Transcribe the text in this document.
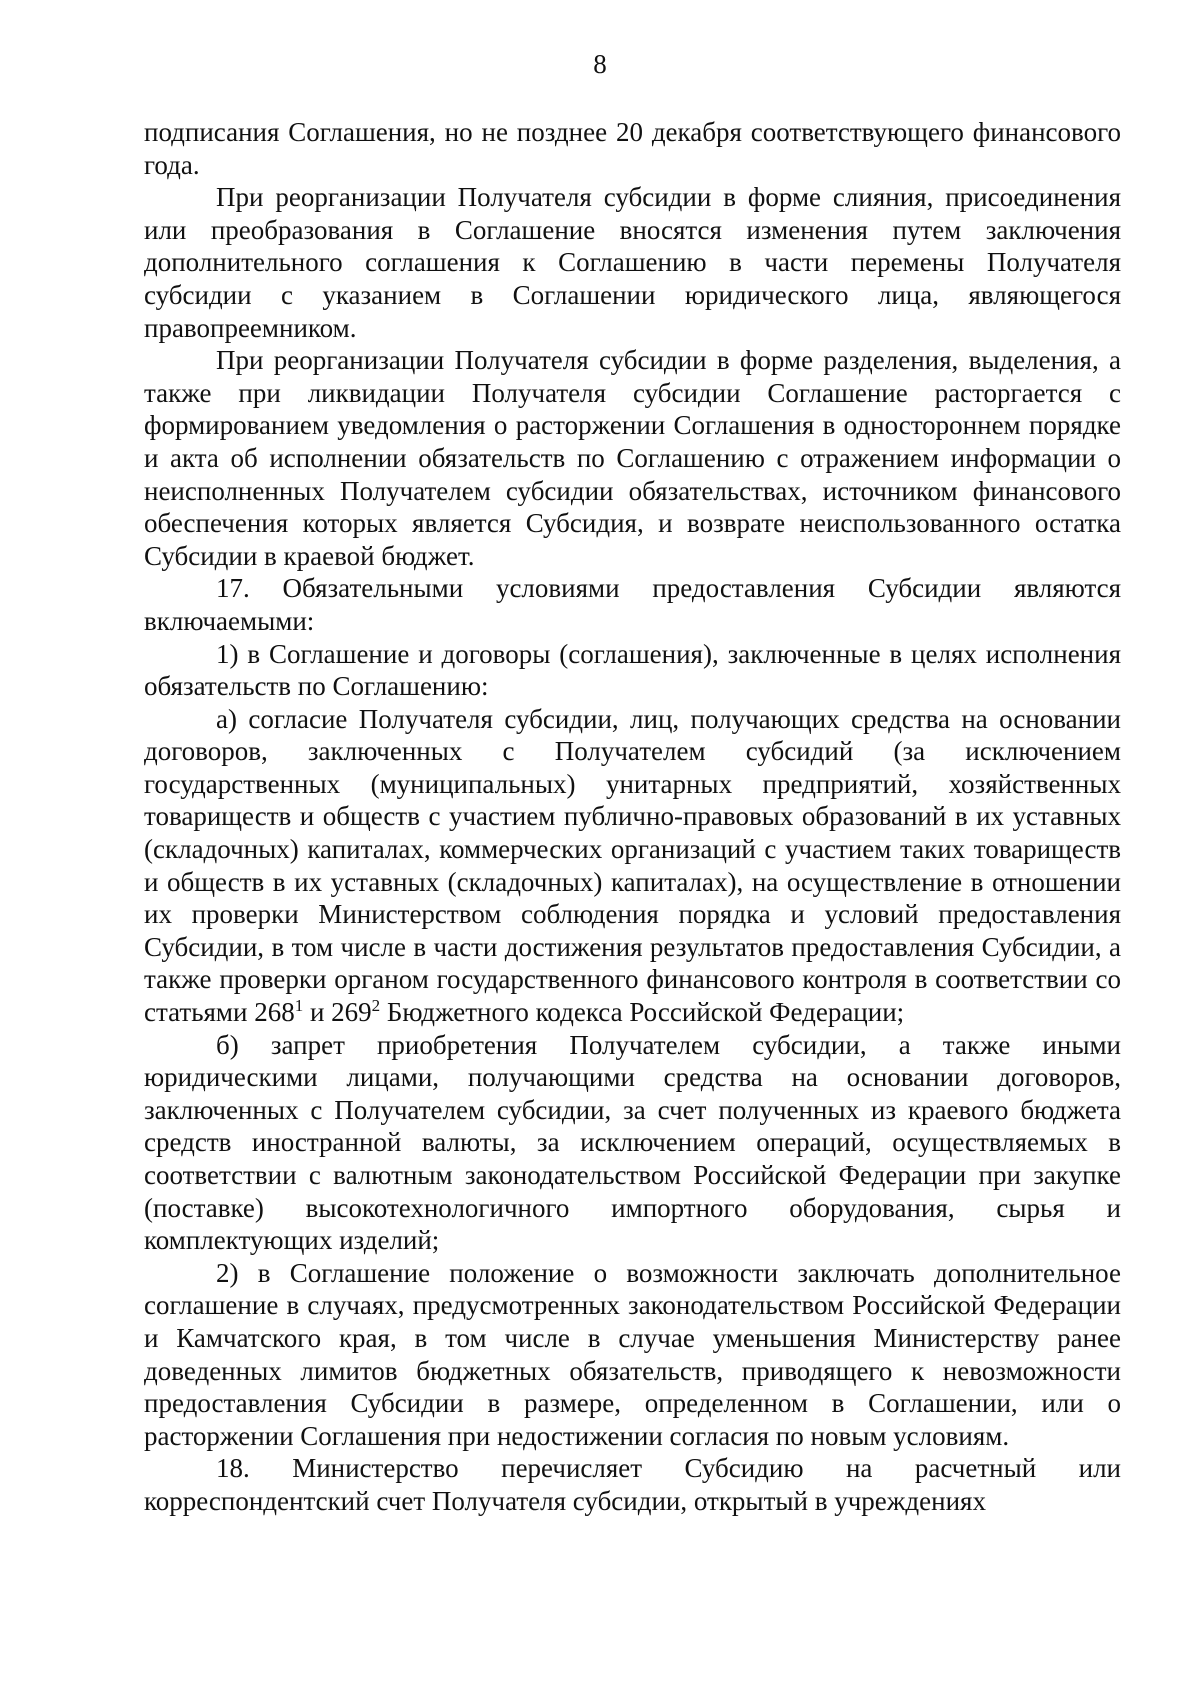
8

подписания Соглашения, но не позднее 20 декабря соответствующего финансового года.

При реорганизации Получателя субсидии в форме слияния, присоединения или преобразования в Соглашение вносятся изменения путем заключения дополнительного соглашения к Соглашению в части перемены Получателя субсидии с указанием в Соглашении юридического лица, являющегося правопреемником.

При реорганизации Получателя субсидии в форме разделения, выделения, а также при ликвидации Получателя субсидии Соглашение расторгается с формированием уведомления о расторжении Соглашения в одностороннем порядке и акта об исполнении обязательств по Соглашению с отражением информации о неисполненных Получателем субсидии обязательствах, источником финансового обеспечения которых является Субсидия, и возврате неиспользованного остатка Субсидии в краевой бюджет.

17. Обязательными условиями предоставления Субсидии являются включаемыми:

1) в Соглашение и договоры (соглашения), заключенные в целях исполнения обязательств по Соглашению:

а) согласие Получателя субсидии, лиц, получающих средства на основании договоров, заключенных с Получателем субсидий (за исключением государственных (муниципальных) унитарных предприятий, хозяйственных товариществ и обществ с участием публично-правовых образований в их уставных (складочных) капиталах, коммерческих организаций с участием таких товариществ и обществ в их уставных (складочных) капиталах), на осуществление в отношении их проверки Министерством соблюдения порядка и условий предоставления Субсидии, в том числе в части достижения результатов предоставления Субсидии, а также проверки органом государственного финансового контроля в соответствии со статьями $268^1$ и $269^2$ Бюджетного кодекса Российской Федерации;

б) запрет приобретения Получателем субсидии, а также иными юридическими лицами, получающими средства на основании договоров, заключенных с Получателем субсидии, за счет полученных из краевого бюджета средств иностранной валюты, за исключением операций, осуществляемых в соответствии с валютным законодательством Российской Федерации при закупке (поставке) высокотехнологичного импортного оборудования, сырья и комплектующих изделий;

2) в Соглашение положение о возможности заключать дополнительное соглашение в случаях, предусмотренных законодательством Российской Федерации и Камчатского края, в том числе в случае уменьшения Министерству ранее доведенных лимитов бюджетных обязательств, приводящего к невозможности предоставления Субсидии в размере, определенном в Соглашении, или о расторжении Соглашения при недостижении согласия по новым условиям.

18. Министерство перечисляет Субсидию на расчетный или корреспондентский счет Получателя субсидии, открытый в учреждениях
